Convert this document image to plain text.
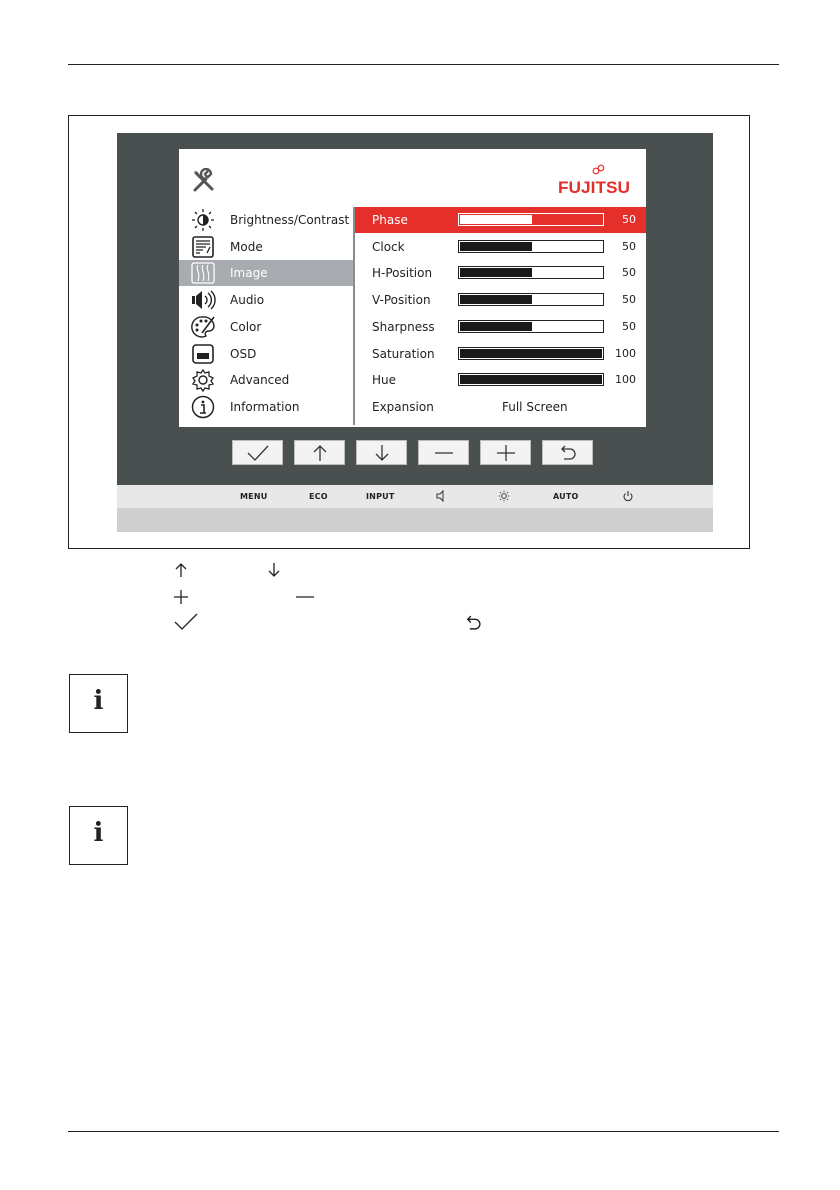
FUJITSU
Brightness/Contrast
Mode
Image
Audio
Color
OSD
Advanced
Information
Phase	50
Clock	50
H-Position	50
V-Position	50
Sharpness	50
Saturation	100
Hue	100
Expansion	Full Screen
MENU	ECO	INPUT	AUTO
i
i
